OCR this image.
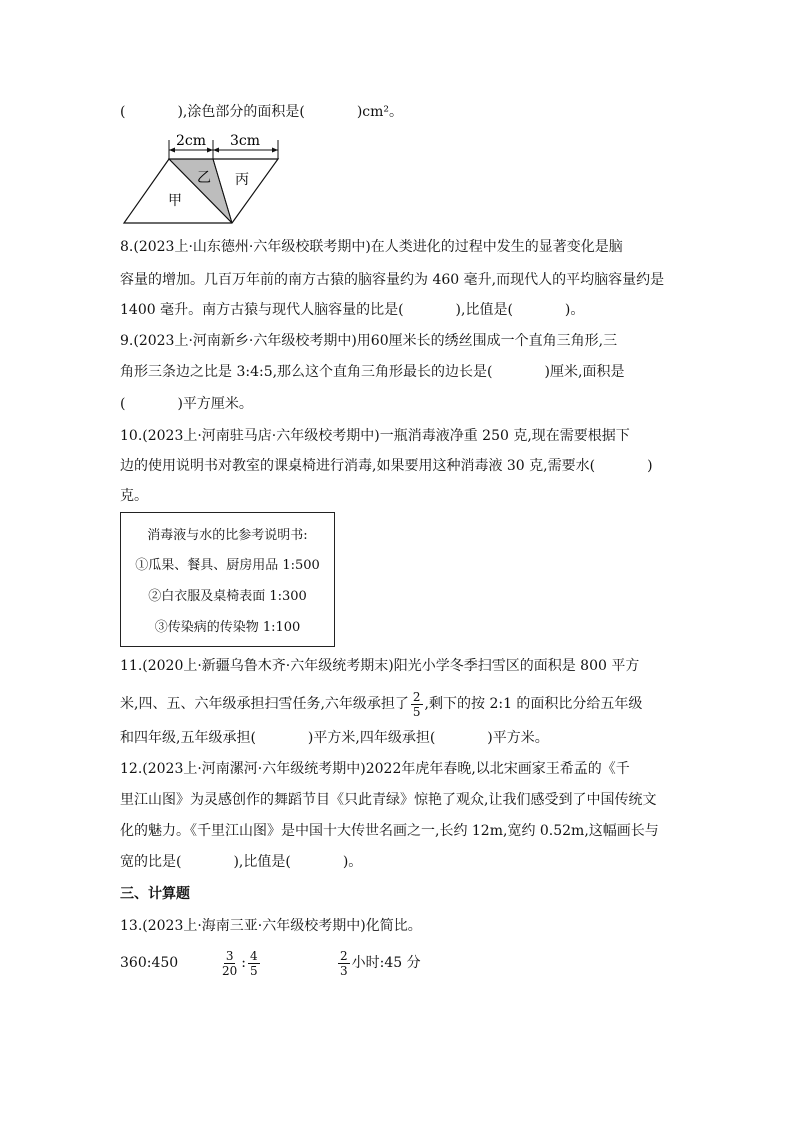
(	),涂色部分的面积是(	)cm²。
2cm 3cm
乙 丙
甲
8.(2023上·山东德州·六年级校联考期中)在人类进化的过程中发生的显著变化是脑
容量的增加。几百万年前的南方古猿的脑容量约为 460 毫升,而现代人的平均脑容量约是
1400 毫升。南方古猿与现代人脑容量的比是(	),比值是(	)。
9.(2023上·河南新乡·六年级校考期中)用60厘米长的绣丝围成一个直角三角形,三
角形三条边之比是 3:4:5,那么这个直角三角形最长的边长是(	)厘米,面积是
(	)平方厘米。
10.(2023上·河南驻马店·六年级校考期中)一瓶消毒液净重 250 克,现在需要根据下
边的使用说明书对教室的课桌椅进行消毒,如果要用这种消毒液 30 克,需要水(	)
克。
消毒液与水的比参考说明书:
①瓜果、餐具、厨房用品 1:500
②白衣服及桌椅表面 1:300
③传染病的传染物 1:100
11.(2020上·新疆乌鲁木齐·六年级统考期末)阳光小学冬季扫雪区的面积是 800 平方
米,四、五、六年级承担扫雪任务,六年级承担了 $\frac{2}{5}$ ,剩下的按 2:1 的面积比分给五年级
和四年级,五年级承担(	)平方米,四年级承担(	)平方米。
12.(2023上·河南漯河·六年级统考期中)2022年虎年春晚,以北宋画家王希孟的《千
里江山图》为灵感创作的舞蹈节目《只此青绿》惊艳了观众,让我们感受到了中国传统文
化的魅力。《千里江山图》是中国十大传世名画之一,长约 12m,宽约 0.52m,这幅画长与
宽的比是(	),比值是(	)。
三、计算题
13.(2023上·海南三亚·六年级校考期中)化简比。
360:450	$\frac{3}{20}$ : $\frac{4}{5}$	$\frac{2}{3}$ 小时:45 分
